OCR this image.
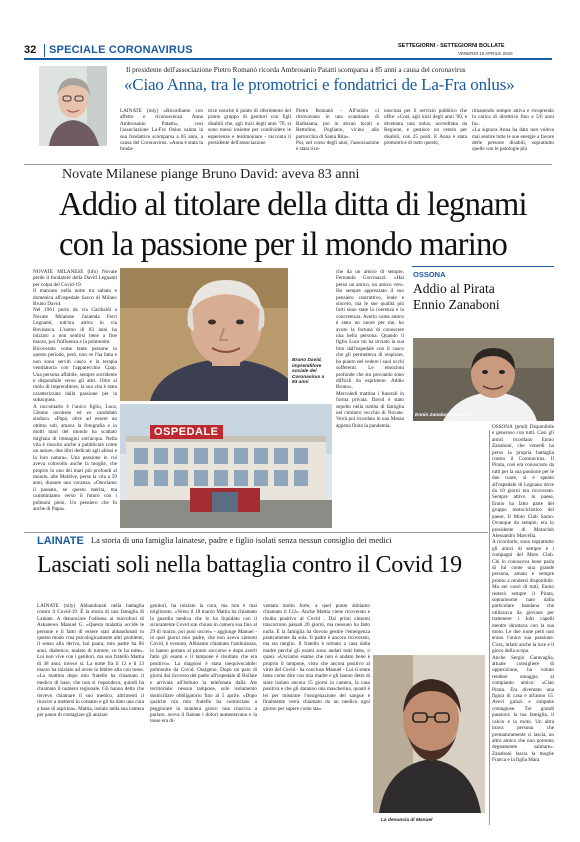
32 SPECIALE CORONAVIRUS	SETTEGIORNI - SETTEGIORNI BOLLATE
VENERDÌ 10 APRILE 2020
Il presidente dell'associazione Pietro Romanò ricorda Ambrosanio Patatti scomparsa a 85 anni a causa del coronavirus
«Ciao Anna, tra le promotrici e fondatrici de La-Fra onlus»
LAINATE (mly) «Ricordiamo con affetto e riconoscenza Anna Ambrosanio Patatti», così l'associazione La-Fra Onlus saluta la sua fondatrice scomparsa a 85 anni, a causa del Coronavirus. «Anna è stata la fonda-
trice nonché il punto di riferimento del primo gruppo di genitori con figli disabili che, agli inizi degli anni '70, si sono messi insieme per condividere le esperienze e testimoniare - racconta il presidente dell'associazione
Pietro Romanò - All'inizio ci ritrovavano in una scantinato di Barbaiana, poi in alcuni locali a Bettolino, Pogliano, vicino alla parrocchia di Santa Rita».
Poi, nel corso degli anni, l'associazione è stata rico-
nosciuta per il servizio pubblico che offre: «Così, agli inizi degli anni '90, è diventata una onlus, accreditata da Regione, e gestisce un centro per disabili, con 25 posti. E Anna è stata promotrice di tutto questo,
rimanendo sempre attiva e ricoprendo la carica di direttrice fino a 5/6 anni fa».
«La signora Anna ha dato non voleva mai sentire tutte le sue energie a favore delle persone disabili, soprattutto quelle con le patologie più
Novate Milanese piange Bruno David: aveva 83 anni
Addio al titolare della ditta di legnami
con la passione per il mondo marino
NOVATE MILANESE (bfo) Novate perde il fondatore della David Legnami per colpa del Covid-19.
Il mancato nella notte tra sabato e domenica all'ospedale Sacco di Milano Bruno David.
Nel 1961 portò da via Garibaldi a Novate Milanese l'azienda Ferri Legnami, tutt'ora attiva in via Bovisasca. L'uomo di 83 anni ha iniziato a non sentirsi bene a fine marzo, poi l'influenza e la polmonite.
Ricoverato come tante persone in questo periodo, però, non ve l'ha fatta e non sono serviti casco e la terapia ventilatoria con l'apparecchio Cpap. Una persona affabile, sempre sorridente e disponibile verso gli altri. Oltre al ruolo di imprenditore, la sua vita è stata caratterizzata dalla passione per la subacquea.
A raccontarlo è l'unico figlio, Luca, 53enne novatese ed ex candidato sindaco. «Papà, oltre ad essere un ottimo sub, amava la fotografia e in molti mari del mondo ha scattato migliaia di immagini sott'acqua. Nella vita è riuscito anche a pubblicare come un autore, due libri dedicati agli abissi e la loro natura». Una passione in cui aveva coinvolto anche la moglie, che proprio in uno dei mari più profondi al mondo, alle Maldive, perse la vita a 59 anni, durante una vacanza. «Onoriamo il passato, se questo merita, ma camminiamo verso il futuro con i polmoni pieni. Un pensiero che fu anche di Papa».
Bruno David, imprenditore sociale del Coronavirus a 83 anni
OSPEDALE
che da un amico di sempre, Fernando Giovinazzi: «Hai perso un amico, un amico vero. Ho sempre apprezzato il suo pensiero costruttivo, leale e sincero, ma le sue qualità più forti sono state la coerenza e la concretezza. Averlo come amico è stato un onore per me, ho avuto la fortuna di conoscere una bella persona. Quando il figlio Luca mi ha inviato la sua foto dall'ospedale con il casco che gli permetteva di respirare, ho pianto nel vedere i suoi occhi sofferenti. Le emozioni profonde che sto provando sono difficili da esprimere. Addio Bruno».
Mercoledì mattina i funerali in forma privata. David è stato sepolto nella tomba di famiglia nel cimitero vecchio di Novate. Verrà poi ricordato in una Messa appena finita la pandemia.
OSSONA
Addio al Pirata Ennio Zanaboni
Ennio Zanaboni, 70 anni
OSSONA (pmd) Disponibile e generoso con tutti. Così gli amici ricordano Ennio Zanaboni, che venerdì ha perso la propria battaglia contro il Coronavirus. Il Pirata, così era conosciuto da tutti per la sua passione per le due ruote, si è spento all'ospedale di Legnano dove da 10 giorni era ricoverato. Sempre attivo in paese, Ennio ha fatto parte del gruppo motociclistico del paese, Il Moto Club Sarno. Ovunque da sempre, era lo presidente di Motoclub Alessandro Marcella.
A ricordarlo, sono soprattutto gli amici di sempre e i compagni del Moto Club. Chi lo conosceva bene parla di lui come una grande persona, amato e sempre pronto a rendersi disponibile. Ma nei cuori di tutti, Ennio resterà sempre il Pirata, soprannome nato dalla particolare bandana che utilizzava da giovane per trattenere i folti capelli mentre dirottava con la sua moto. Le due ruote però non erano l'unica sua passione. C'era, infatti anche la luce e il gioco della scopa.
Anche Sergio Garavaglia, attuale consigliere di opposizione, ha voluto rendere omaggio al compianto amico: «Ciao Pirata. Era diventato una figura di casa e all'anno 15. Avevi guizzi e simpatie contagiose. Tre grandi passioni: la tua famiglia, il calcio e la moto. Un altra brava persona che prematuramente ci lascia, un altro amico che non potremo degnamente salutare». Zanaboni lascia la moglie Franca e la figlia Mara.
LAINATE La storia di una famiglia lainatese, padre e figlio isolati senza nessun consiglio dei medici
Lasciati soli nella battaglia contro il Covid 19
LAINATE (mly) Abbandonati nella battaglia contro il Covid-19. È la storia di una famiglia di Lainate. A denunciare l'odissea ai microfoni di Askanews Manuel G. «Questa malattia uccide le persone e il fatto di essere stati abbandonati in questo modo crea psicologicamente altri problemi, il senso alla deriva, hai paura, mio padre ha 86 anni, diabetico, malato di tumore, ce le ha tutte». Lui non vive con i genitori, ma suo fratello Mattia di 38 anni, invece sì. La notte fra il 12 e il 13 marzo ha iniziato ad avere la febbre alta con tosse. «La mattina dopo mio fratello ha chiamato il medico di base, che non si rispondeva, quindi ha chiamato il numero regionale. Gli hanno detto che dovevo chiamare il suo medico, altrimenti il riuscire a mettersi in contatto e gli ha dato una cura a base di aspirina». Mattia, isolato nella sua camera per paura di contagiare gli anziani
genitori, ha iniziato la cura, ma non è mai migliorato. «Verso il 18 marzo Mattia ha chiamato la guardia medica che lo ha liquidato con il sicuramente Covid stai chiuso in camera sua fino al 29 di marzo, poi puoi uscire» - aggiunge Manuel - in quei giorni mio padre, che non aveva sintomi Covid, è svenuto. Abbiamo chiamato l'ambulanza, lo hanno portato al pronto soccorso e dopo averli fatto gli esami e il tampone è risultato che era positivo». La diagnosi è stata inequivocabile: polmonite da Covid. Ossigeno. Dopo un paio di giorni dal ricovero del padre all'ospedale di Bollate e arrivata all'Istituto la telefonata dalla Ats territoriale: nessun tampone, solo isolamento domiciliare obbligatorio fino al 5 aprile. «Dopo qualche ora mio fratello ha cominciato a peggiorare in maniera grave: non riusciva a parlare, aveva il fiatone i dolori aumentavano e la tosse era di-
ventata molto forte, a quel punto abbiamo chiamato il 112». Anche Mattia viene ricoverato e risulta positivo al Covid . Dai primi sintomi trascorrono passati 20 giorni, ma nessuno ha fatto nulla. E la famiglia ha dovuto gestire l'emergenza praticamente da sola. Il padre è ancora ricoverato, ma sta meglio. Il fratello è tornato a casa dalla madre perché gli esami sono andati tutti bene, o quasi. «Usciamo esame che non è andato bene è proprio il tampone, visto che ancora positivo al virus del Covid - ha concluso Manuel - Lui si sente bene come dire con mia madre e gli hanno detto di stare isolato ancora 15 giorni in camera, la casa positiva e che gli daranno una mascherina, quanti è lei per misurare l'ossigenazione del sangue e finalmente verrà chiamato da un medico ogni giorno per sapere come sta».
La denuncia di Manuel
